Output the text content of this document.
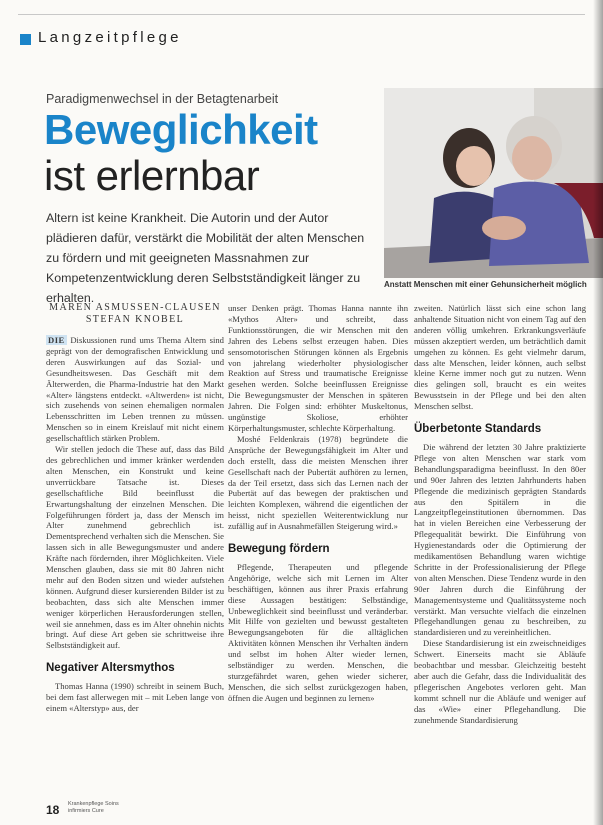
Langzeitpflege
Paradigmenwechsel in der Betagtenarbeit
Beweglichkeit
ist erlernbar
Altern ist keine Krankheit. Die Autorin und der Autor plädieren dafür, verstärkt die Mobilität der alten Menschen zu fördern und mit geeigneten Massnahmen zur Kompetenzentwicklung deren Selbstständigkeit länger zu erhalten.
Anstatt Menschen mit einer Gehunsicherheit möglich
MAREN ASMUSSEN-CLAUSEN
STEFAN KNOBEL

DIE Diskussionen rund ums Thema Altern sind geprägt von der demografischen Entwicklung und deren Auswirkungen auf das Sozial- und Gesundheitswesen. Das Geschäft mit dem Älterwerden, die Pharma-Industrie hat den Markt «Alter» längstens entdeckt. «Altwerden» ist nicht, sich zusehends von seinen ehemaligen normalen Lebensschritten im Leben trennen zu müssen. Menschen so in einem Kreislauf mit nicht einem gesellschaftlich stärken Problem.

Wir stellen jedoch die These auf, dass das Bild des gebrechlichen und immer kränker werdenden alten Menschen, ein Konstrukt und keine unverrückbare Tatsache ist. Dieses gesellschaftliche Bild beeinflusst die Erwartungshaltung der einzelnen Menschen. Die Folgeführungen fördert ja, dass der Mensch im Alter zunehmend gebrechlich ist. Dementsprechend verhalten sich die Menschen. Sie lassen sich in alle Bewegungsmuster und andere Kräfte nach fördernden, ihrer Möglichkeiten. Viele Menschen glauben, dass sie mit 80 Jahren nicht mehr auf den Boden sitzen und wieder aufstehen können. Aufgrund dieser kursierenden Bilder ist zu beobachten, dass sich alte Menschen immer weniger körperlichen Herausforderungen stellen, weil sie annehmen, dass es im Alter ohnehin nichts bringt. Auf diese Art geben sie schrittweise ihre Selbstständigkeit auf.

Negativer Altersmythos

Thomas Hanna (1990) schreibt in seinem Buch, bei dem fast allerwegen mit – mit Leben lange von einem «Alterstyp» aus, der

unser Denken prägt. Thomas Hanna nannte ihn «Mythos Alter» und schreibt, dass Funktionsstörungen, die wir Menschen mit den Jahren des Lebens selbst erzeugen haben. Dies sensomotorischen Störungen können als Ergebnis von jahrelang wiederholter physiologischer Reaktion auf Stress und traumatische Ereignisse gesehen werden. Solche beeinflussen Ereignisse Die Bewegungsmuster der Menschen in späteren Jahren. Die Folgen sind: erhöhter Muskeltonus, ungünstige Skoliose, erhöhter Körperhaltungsmuster, schlechte Körperhaltung.

Moshé Feldenkrais (1978) begründete die Ansprüche der Bewegungsfähigkeit im Alter und doch erstellt, dass die meisten Menschen ihrer Gesellschaft nach der Pubertät aufhören zu lernen, da der Teil ersetzt, dass sich das Lernen nach der Pubertät auf das bewegen der praktischen und leichten Komplexen, während die eigentlichen der heisst, nicht speziellen Weiterentwicklung nur zufällig auf in Ausnahmefällen Steigerung wird.»

Bewegung fördern

Pflegende, Therapeuten und pflegende Angehörige, welche sich mit Lernen im Alter beschäftigen, können aus ihrer Praxis erfahrung diese Aussagen bestätigen: Selbständige, Unbeweglichkeit sind beeinflusst und veränderbar. Mit Hilfe von gezielten und bewusst gestalteten Bewegungsangeboten für die alltäglichen Aktivitäten können Menschen ihr Verhalten ändern und selbst im hohen Alter wieder lernen, selbständiger zu werden. Menschen, die sturzgefährdet waren, gehen wieder sicherer, Menschen, die sich selbst zurückgezogen haben, öffnen die Augen und beginnen zu lernen»

zweiten. Natürlich lässt sich eine schon lang anhaltende Situation nicht von einem Tag auf den anderen völlig umkehren. Erkrankungsverläufe müssen akzeptiert werden, um beträchtlich damit umgehen zu können. Es geht vielmehr darum, dass alte Menschen, leider können, auch selbst kleine Kerne immer noch gut zu nutzen. Wenn dies gelingen soll, braucht es ein weites Bewusstsein in der Pflege und bei den alten Menschen selbst.

Überbetonte Standards

Die während der letzten 30 Jahre praktizierte Pflege von alten Menschen war stark vom Behandlungsparadigma beeinflusst. In den 80er und 90er Jahren des letzten Jahrhunderts haben Pflegende die medizinisch geprägten Standards aus den Spitälern in die Langzeitpflegeinstitutionen übernommen. Das hat in vielen Bereichen eine Verbesserung der Pflegequalität bewirkt. Die Einführung von Hygienestandards oder die Optimierung der medikamentösen Behandlung waren wichtige Schritte in der Professionalisierung der Pflege von alten Menschen. Diese Tendenz wurde in den 90er Jahren durch die Einführung der Managementsysteme und Qualitätssysteme noch verstärkt. Man versuchte vielfach die einzelnen Pflegehandlungen genau zu beschreiben, zu standardisieren und zu vereinheitlichen.

Diese Standardisierung ist ein zweischneidiges Schwert. Einerseits macht sie Abläufe beobachtbar und messbar. Gleichzeitig besteht aber auch die Gefahr, dass die Individualität des pflegerischen Angebotes verloren geht. Man kommt schnell nur die Abläufe und weniger auf das «Wie» einer Pflegehandlung. Die zunehmende Standardisierung

18 Krankenpflege Soins
infirmiers Cure
